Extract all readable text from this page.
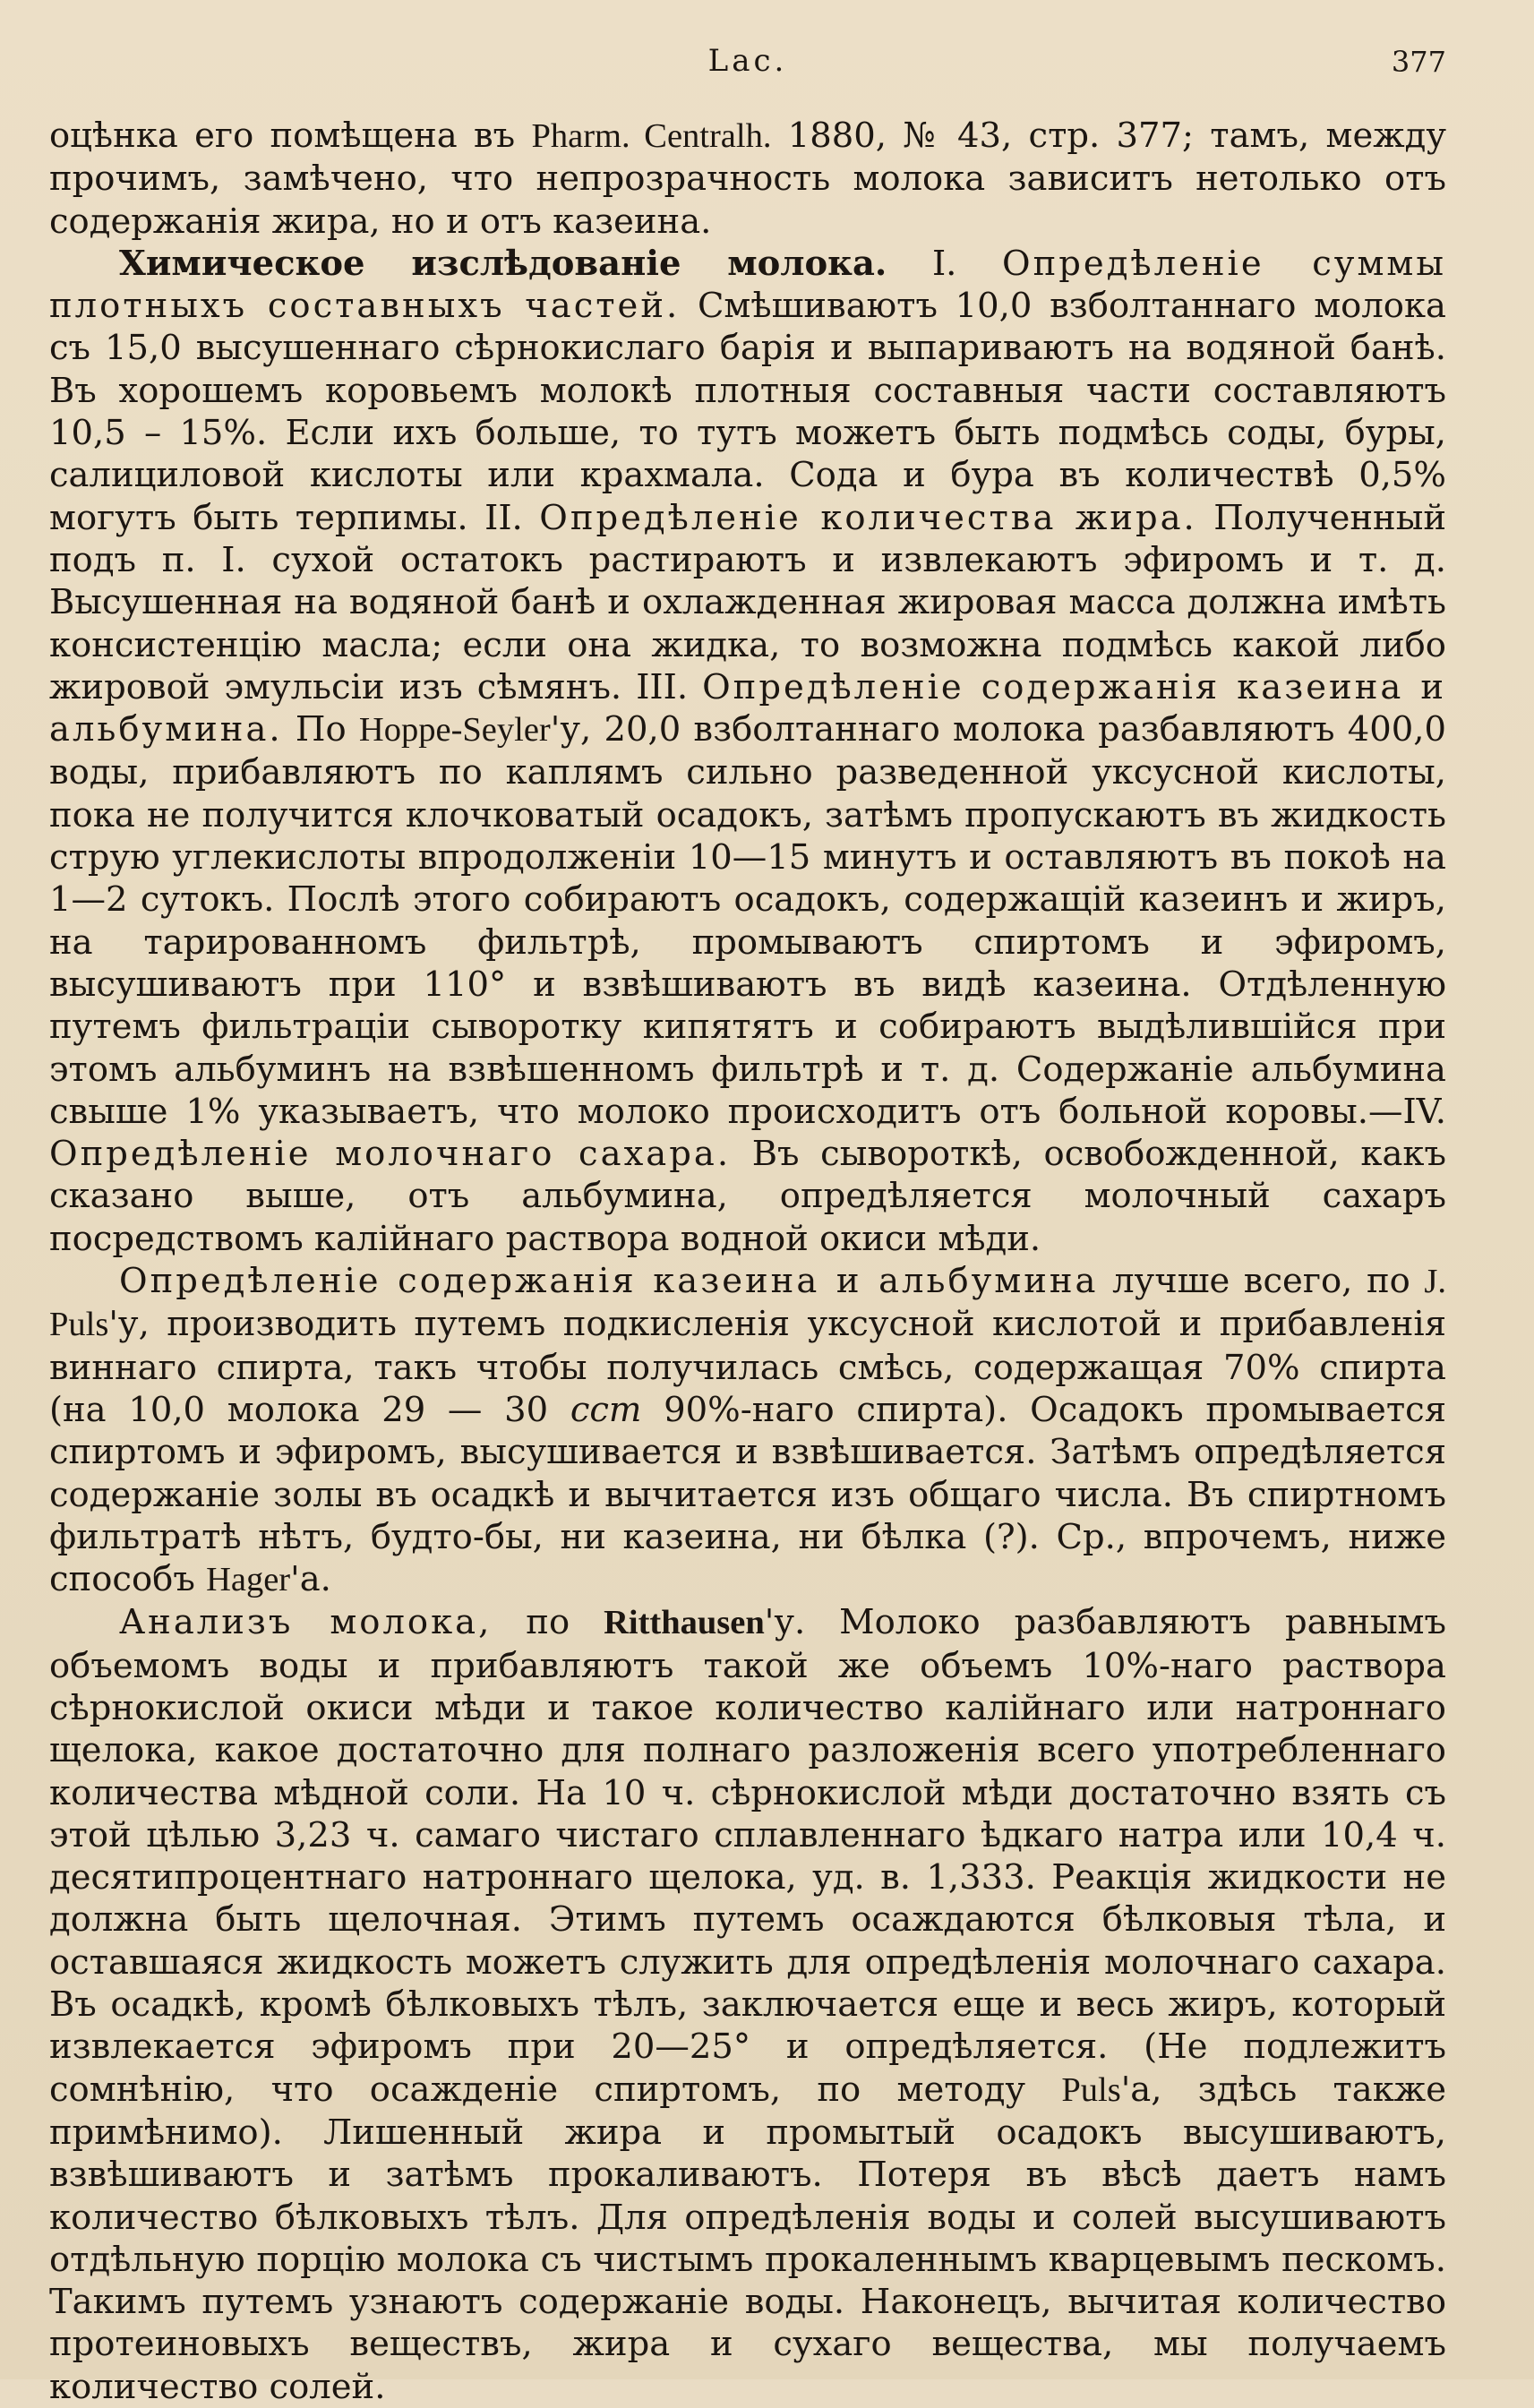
Lac.	377

оцѣнка его помѣщена въ Pharm. Centralh. 1880, № 43, стр. 377; тамъ, между прочимъ, замѣчено, что непрозрачность молока зависитъ нетолько отъ содержанія жира, но и отъ казеина.

Химическое изслѣдованіе молока. I. Опредѣленіе суммы плотныхъ составныхъ частей. Смѣшиваютъ 10,0 взболтаннаго молока съ 15,0 высушеннаго сѣрнокислаго барія и выпариваютъ на водяной банѣ. Въ хорошемъ коровьемъ молокѣ плотныя составныя части составляютъ 10,5 – 15%. Если ихъ больше, то тутъ можетъ быть подмѣсь соды, буры, салициловой кислоты или крахмала. Сода и бура въ количествѣ 0,5% могутъ быть терпимы. II. Опредѣленіе количества жира. Полученный подъ п. I. сухой остатокъ растираютъ и извлекаютъ эфиромъ и т. д. Высушенная на водяной банѣ и охлажденная жировая масса должна имѣть консистенцію масла; если она жидка, то возможна подмѣсь какой либо жировой эмульсіи изъ сѣмянъ. III. Опредѣленіе содержанія казеина и альбумина. По Hoppe-Seyler'у, 20,0 взболтаннаго молока разбавляютъ 400,0 воды, прибавляютъ по каплямъ сильно разведенной уксусной кислоты, пока не получится клочковатый осадокъ, затѣмъ пропускаютъ въ жидкость струю углекислоты впродолженіи 10—15 минутъ и оставляютъ въ покоѣ на 1—2 сутокъ. Послѣ этого собираютъ осадокъ, содержащій казеинъ и жиръ, на тарированномъ фильтрѣ, промываютъ спиртомъ и эфиромъ, высушиваютъ при 110° и взвѣшиваютъ въ видѣ казеина. Отдѣленную путемъ фильтраціи сыворотку кипятятъ и собираютъ выдѣлившійся при этомъ альбуминъ на взвѣшенномъ фильтрѣ и т. д. Содержаніе альбумина свыше 1% указываетъ, что молоко происходитъ отъ больной коровы.—IV. Опредѣленіе молочнаго сахара. Въ сывороткѣ, освобожденной, какъ сказано выше, отъ альбумина, опредѣляется молочный сахаръ посредствомъ калійнаго раствора водной окиси мѣди.

Опредѣленіе содержанія казеина и альбумина лучше всего, по J. Puls'у, производить путемъ подкисленія уксусной кислотой и прибавленія виннаго спирта, такъ чтобы получилась смѣсь, содержащая 70% спирта (на 10,0 молока 29 — 30 ccm 90%-наго спирта). Осадокъ промывается спиртомъ и эфиромъ, высушивается и взвѣшивается. Затѣмъ опредѣляется содержаніе золы въ осадкѣ и вычитается изъ общаго числа. Въ спиртномъ фильтратѣ нѣтъ, будто-бы, ни казеина, ни бѣлка (?). Ср., впрочемъ, ниже способъ Hager'a.

Анализъ молока, по Ritthausen'у. Молоко разбавляютъ равнымъ объемомъ воды и прибавляютъ такой же объемъ 10%-наго раствора сѣрнокислой окиси мѣди и такое количество калійнаго или натроннаго щелока, какое достаточно для полнаго разложенія всего употребленнаго количества мѣдной соли. На 10 ч. сѣрнокислой мѣди достаточно взять съ этой цѣлью 3,23 ч. самаго чистаго сплавленнаго ѣдкаго натра или 10,4 ч. десятипроцентнаго натроннаго щелока, уд. в. 1,333. Реакція жидкости не должна быть щелочная. Этимъ путемъ осаждаются бѣлковыя тѣла, и оставшаяся жидкость можетъ служить для опредѣленія молочнаго сахара. Въ осадкѣ, кромѣ бѣлковыхъ тѣлъ, заключается еще и весь жиръ, который извлекается эфиромъ при 20—25° и опредѣляется. (Не подлежитъ сомнѣнію, что осажденіе спиртомъ, по методу Puls'a, здѣсь также примѣнимо). Лишенный жира и промытый осадокъ высушиваютъ, взвѣшиваютъ и затѣмъ прокаливаютъ. Потеря въ вѣсѣ даетъ намъ количество бѣлковыхъ тѣлъ. Для опредѣленія воды и солей высушиваютъ отдѣльную порцію молока съ чистымъ прокаленнымъ кварцевымъ пескомъ. Такимъ путемъ узнаютъ содержаніе воды. Наконецъ, вычитая количество протеиновыхъ веществъ, жира и сухаго вещества, мы получаемъ количество солей.
